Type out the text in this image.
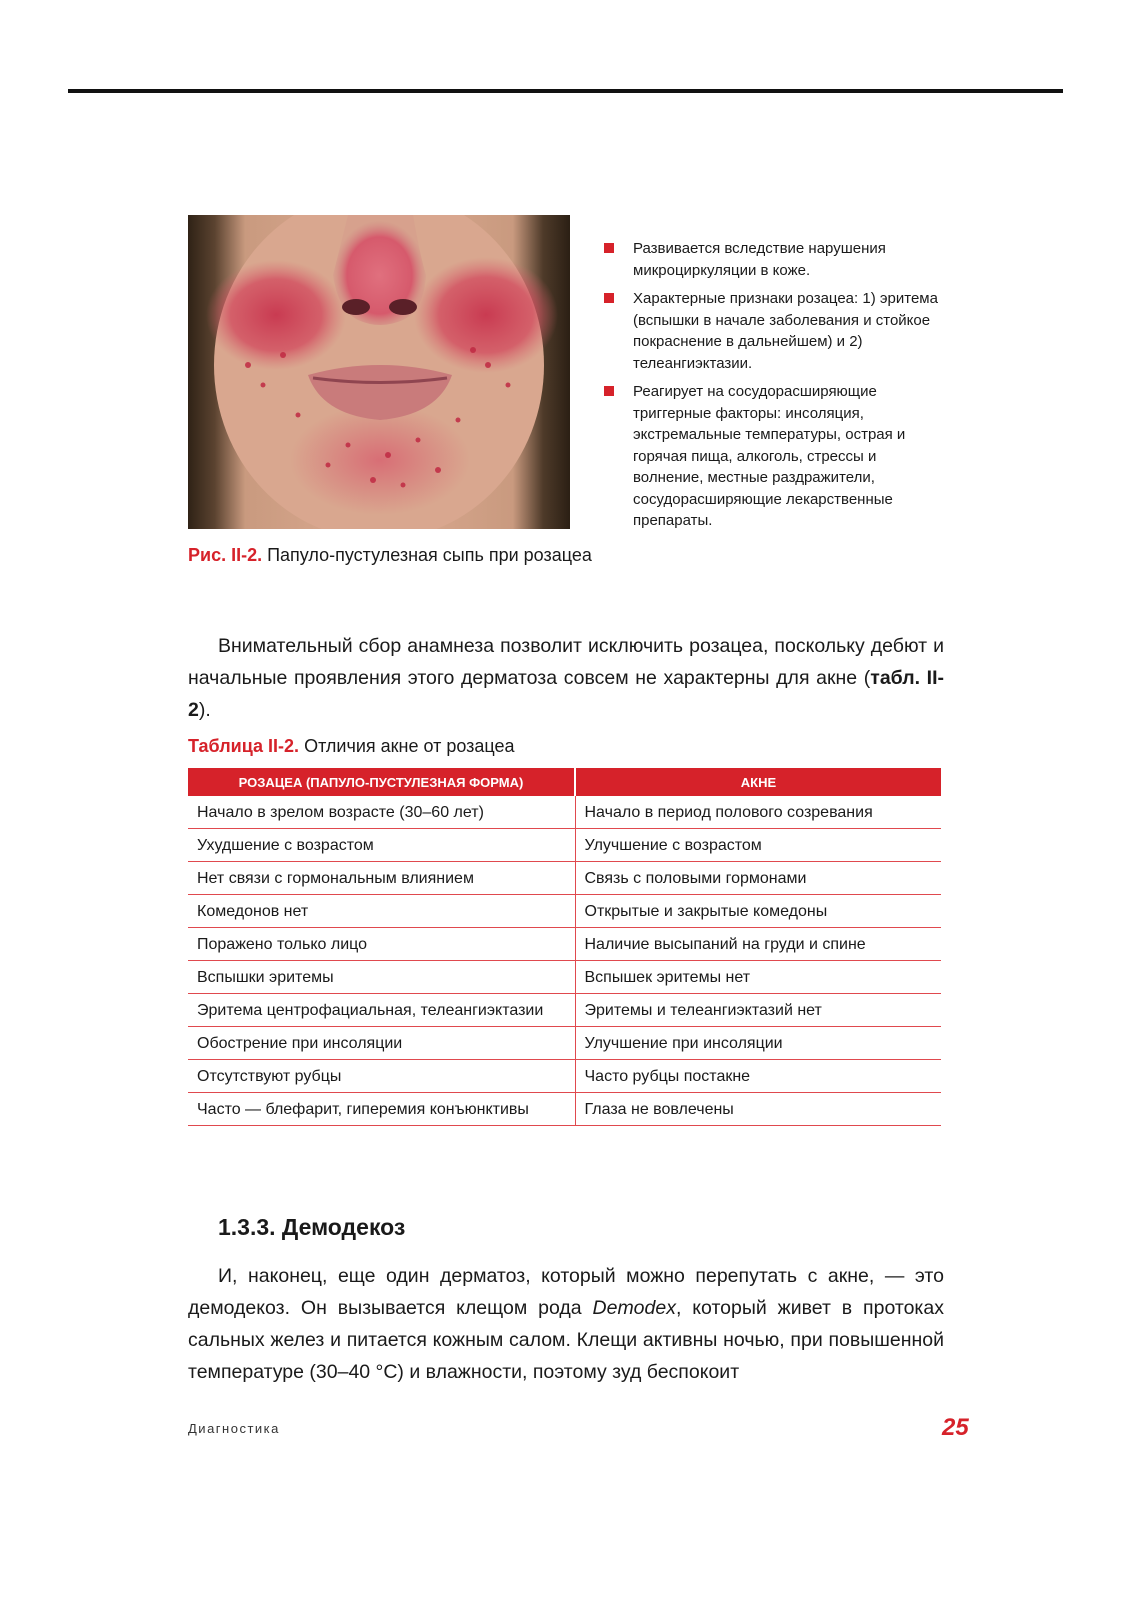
Развивается вследствие нарушения микроциркуляции в коже.
Характерные признаки розацеа: 1) эритема (вспышки в начале заболевания и стойкое покраснение в дальнейшем) и 2) телеангиэктазии.
Реагирует на сосудорасширяющие триггерные факторы: инсоляция, экстремальные температуры, острая и горячая пища, алкоголь, стрессы и волнение, местные раздражители, сосудорасширяющие лекарственные препараты.
Рис. II-2. Папуло-пустулезная сыпь при розацеа

Внимательный сбор анамнеза позволит исключить розацеа, поскольку дебют и начальные проявления этого дерматоза совсем не характерны для акне (табл. II-2).

Таблица II-2. Отличия акне от розацеа
РОЗАЦЕА (ПАПУЛО-ПУСТУЛЕЗНАЯ ФОРМА)	АКНЕ
Начало в зрелом возрасте (30–60 лет)	Начало в период полового созревания
Ухудшение с возрастом	Улучшение с возрастом
Нет связи с гормональным влиянием	Связь с половыми гормонами
Комедонов нет	Открытые и закрытые комедоны
Поражено только лицо	Наличие высыпаний на груди и спине
Вспышки эритемы	Вспышек эритемы нет
Эритема центрофациальная, телеангиэктазии	Эритемы и телеангиэктазий нет
Обострение при инсоляции	Улучшение при инсоляции
Отсутствуют рубцы	Часто рубцы постакне
Часто — блефарит, гиперемия конъюнктивы	Глаза не вовлечены
1.3.3. Демодекоз

И, наконец, еще один дерматоз, который можно перепутать с акне, — это демодекоз. Он вызывается клещом рода Demodex, который живет в протоках сальных желез и питается кожным салом. Клещи активны ночью, при повышенной температуре (30–40 °С) и влажности, поэтому зуд беспокоит

Диагностика	25
